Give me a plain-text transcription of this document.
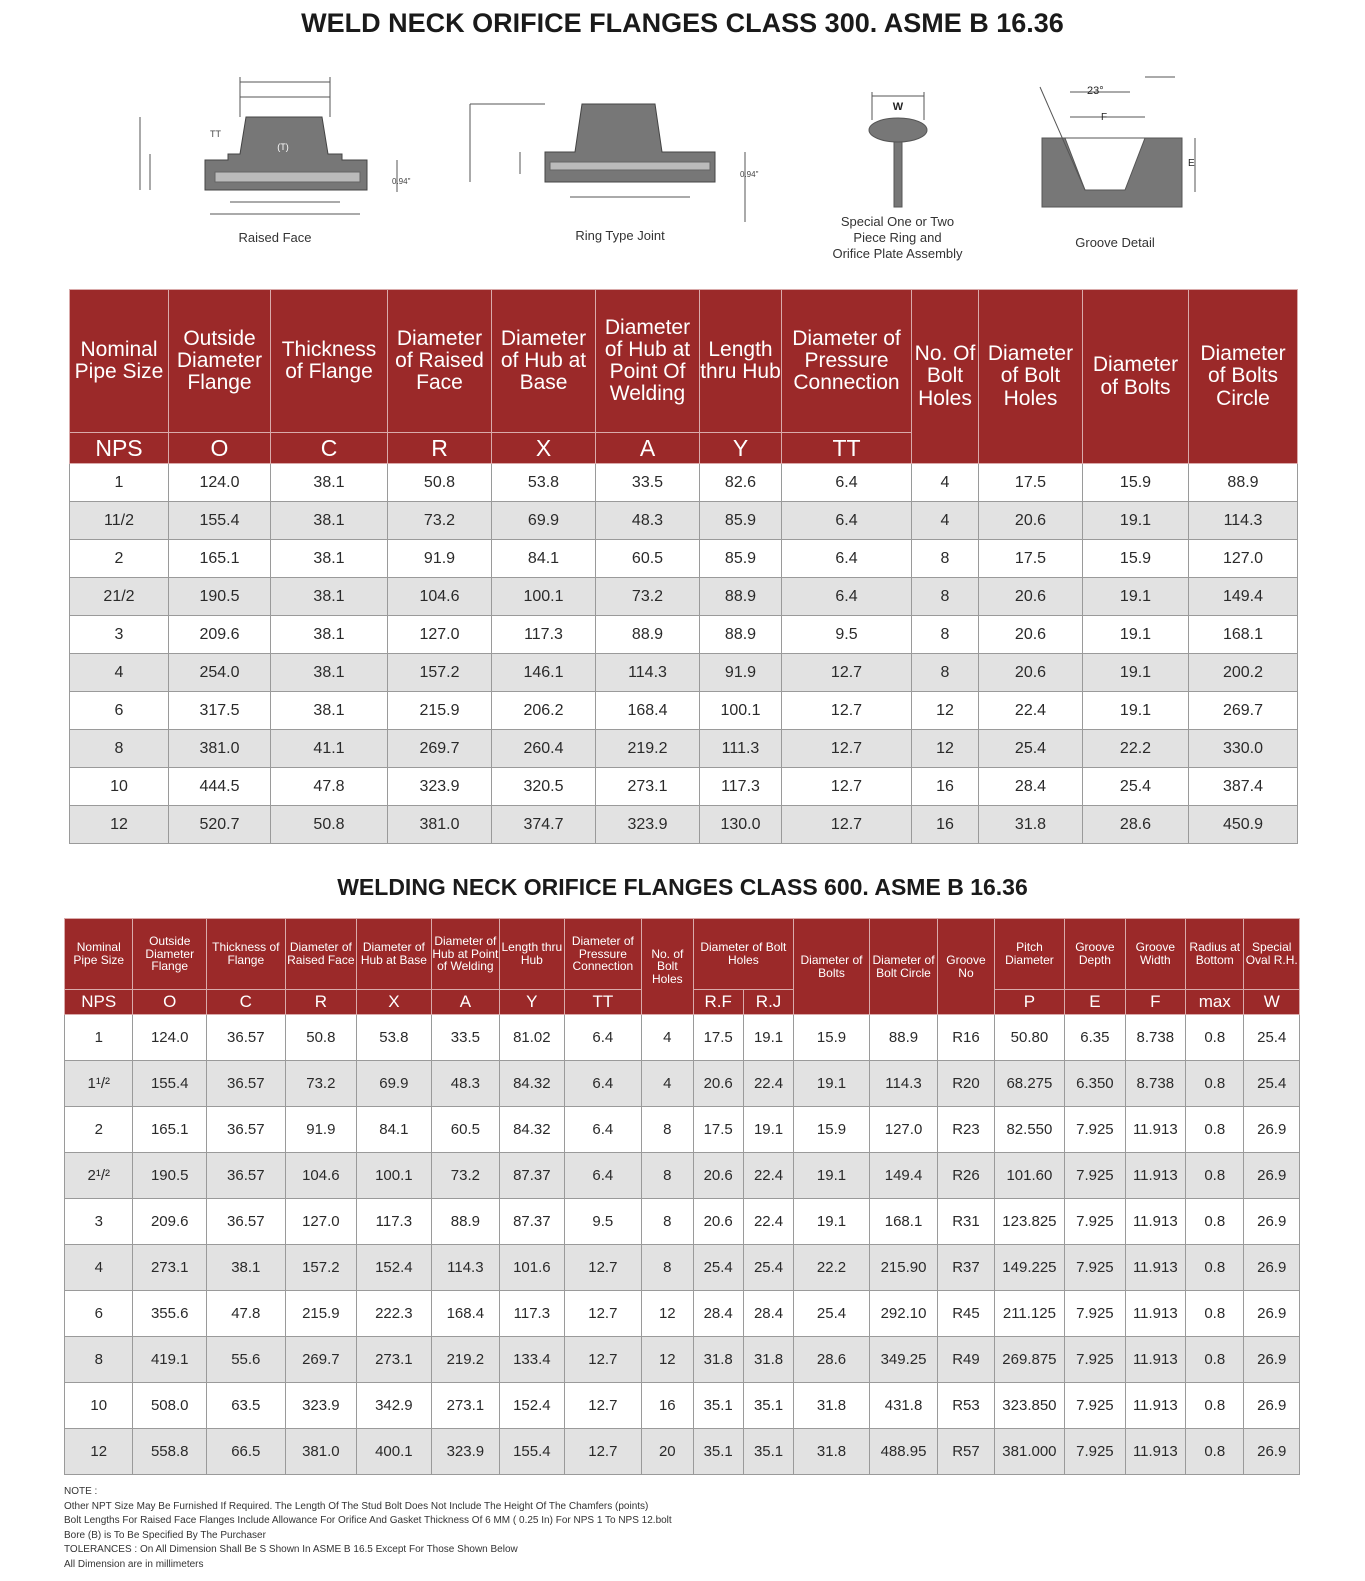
WELD NECK ORIFICE FLANGES CLASS 300. ASME B 16.36
(T)
TT
0.94"
0.94"
W
23°
F
E
Raised Face	Ring Type Joint
Special One or Two
Piece Ring and
Orifice Plate Assembly
Groove Detail
Nominal Pipe Size	Outside Diameter Flange	Thickness of Flange	Diameter of Raised Face	Diameter of Hub at Base	Diameter of Hub at Point Of Welding	Length thru Hub	Diameter of Pressure Connection	No. Of Bolt Holes	Diameter of Bolt Holes	Diameter of Bolts	Diameter of Bolts Circle
NPS	O	C	R	X	A	Y	TT				
1	124.0	38.1	50.8	53.8	33.5	82.6	6.4	4	17.5	15.9	88.9
11/2	155.4	38.1	73.2	69.9	48.3	85.9	6.4	4	20.6	19.1	114.3
2	165.1	38.1	91.9	84.1	60.5	85.9	6.4	8	17.5	15.9	127.0
21/2	190.5	38.1	104.6	100.1	73.2	88.9	6.4	8	20.6	19.1	149.4
3	209.6	38.1	127.0	117.3	88.9	88.9	9.5	8	20.6	19.1	168.1
4	254.0	38.1	157.2	146.1	114.3	91.9	12.7	8	20.6	19.1	200.2
6	317.5	38.1	215.9	206.2	168.4	100.1	12.7	12	22.4	19.1	269.7
8	381.0	41.1	269.7	260.4	219.2	111.3	12.7	12	25.4	22.2	330.0
10	444.5	47.8	323.9	320.5	273.1	117.3	12.7	16	28.4	25.4	387.4
12	520.7	50.8	381.0	374.7	323.9	130.0	12.7	16	31.8	28.6	450.9
WELDING NECK ORIFICE FLANGES CLASS 600. ASME B 16.36
Nominal Pipe Size	Outside Diameter Flange	Thickness of Flange	Diameter of Raised Face	Diameter of Hub at Base	Diameter of Hub at Point of Welding	Length thru Hub	Diameter of Pressure Connection	No. of Bolt Holes	Diameter of Bolt Holes		Diameter of Bolts	Diameter of Bolt Circle	Groove No	Pitch Diameter	Groove Depth	Groove Width	Radius at Bottom	Special Oval R.H.
NPS	O	C	R	X	A	Y	TT		R.F	R.J				P	E	F	max	W
1	124.0	36.57	50.8	53.8	33.5	81.02	6.4	4	17.5	19.1	15.9	88.9	R16	50.80	6.35	8.738	0.8	25.4
1¹/²	155.4	36.57	73.2	69.9	48.3	84.32	6.4	4	20.6	22.4	19.1	114.3	R20	68.275	6.350	8.738	0.8	25.4
2	165.1	36.57	91.9	84.1	60.5	84.32	6.4	8	17.5	19.1	15.9	127.0	R23	82.550	7.925	11.913	0.8	26.9
2¹/²	190.5	36.57	104.6	100.1	73.2	87.37	6.4	8	20.6	22.4	19.1	149.4	R26	101.60	7.925	11.913	0.8	26.9
3	209.6	36.57	127.0	117.3	88.9	87.37	9.5	8	20.6	22.4	19.1	168.1	R31	123.825	7.925	11.913	0.8	26.9
4	273.1	38.1	157.2	152.4	114.3	101.6	12.7	8	25.4	25.4	22.2	215.90	R37	149.225	7.925	11.913	0.8	26.9
6	355.6	47.8	215.9	222.3	168.4	117.3	12.7	12	28.4	28.4	25.4	292.10	R45	211.125	7.925	11.913	0.8	26.9
8	419.1	55.6	269.7	273.1	219.2	133.4	12.7	12	31.8	31.8	28.6	349.25	R49	269.875	7.925	11.913	0.8	26.9
10	508.0	63.5	323.9	342.9	273.1	152.4	12.7	16	35.1	35.1	31.8	431.8	R53	323.850	7.925	11.913	0.8	26.9
12	558.8	66.5	381.0	400.1	323.9	155.4	12.7	20	35.1	35.1	31.8	488.95	R57	381.000	7.925	11.913	0.8	26.9
NOTE :
Other NPT Size May Be Furnished If Required. The Length Of The Stud Bolt Does Not Include The Height Of The Chamfers (points)
Bolt Lengths For Raised Face Flanges Include Allowance For Orifice And Gasket Thickness Of 6 MM ( 0.25 In) For NPS 1 To NPS 12.bolt
Bore (B) is To Be Specified By The Purchaser
TOLERANCES : On All Dimension Shall Be S Shown In ASME B 16.5 Except For Those Shown Below
All Dimension are in millimeters
